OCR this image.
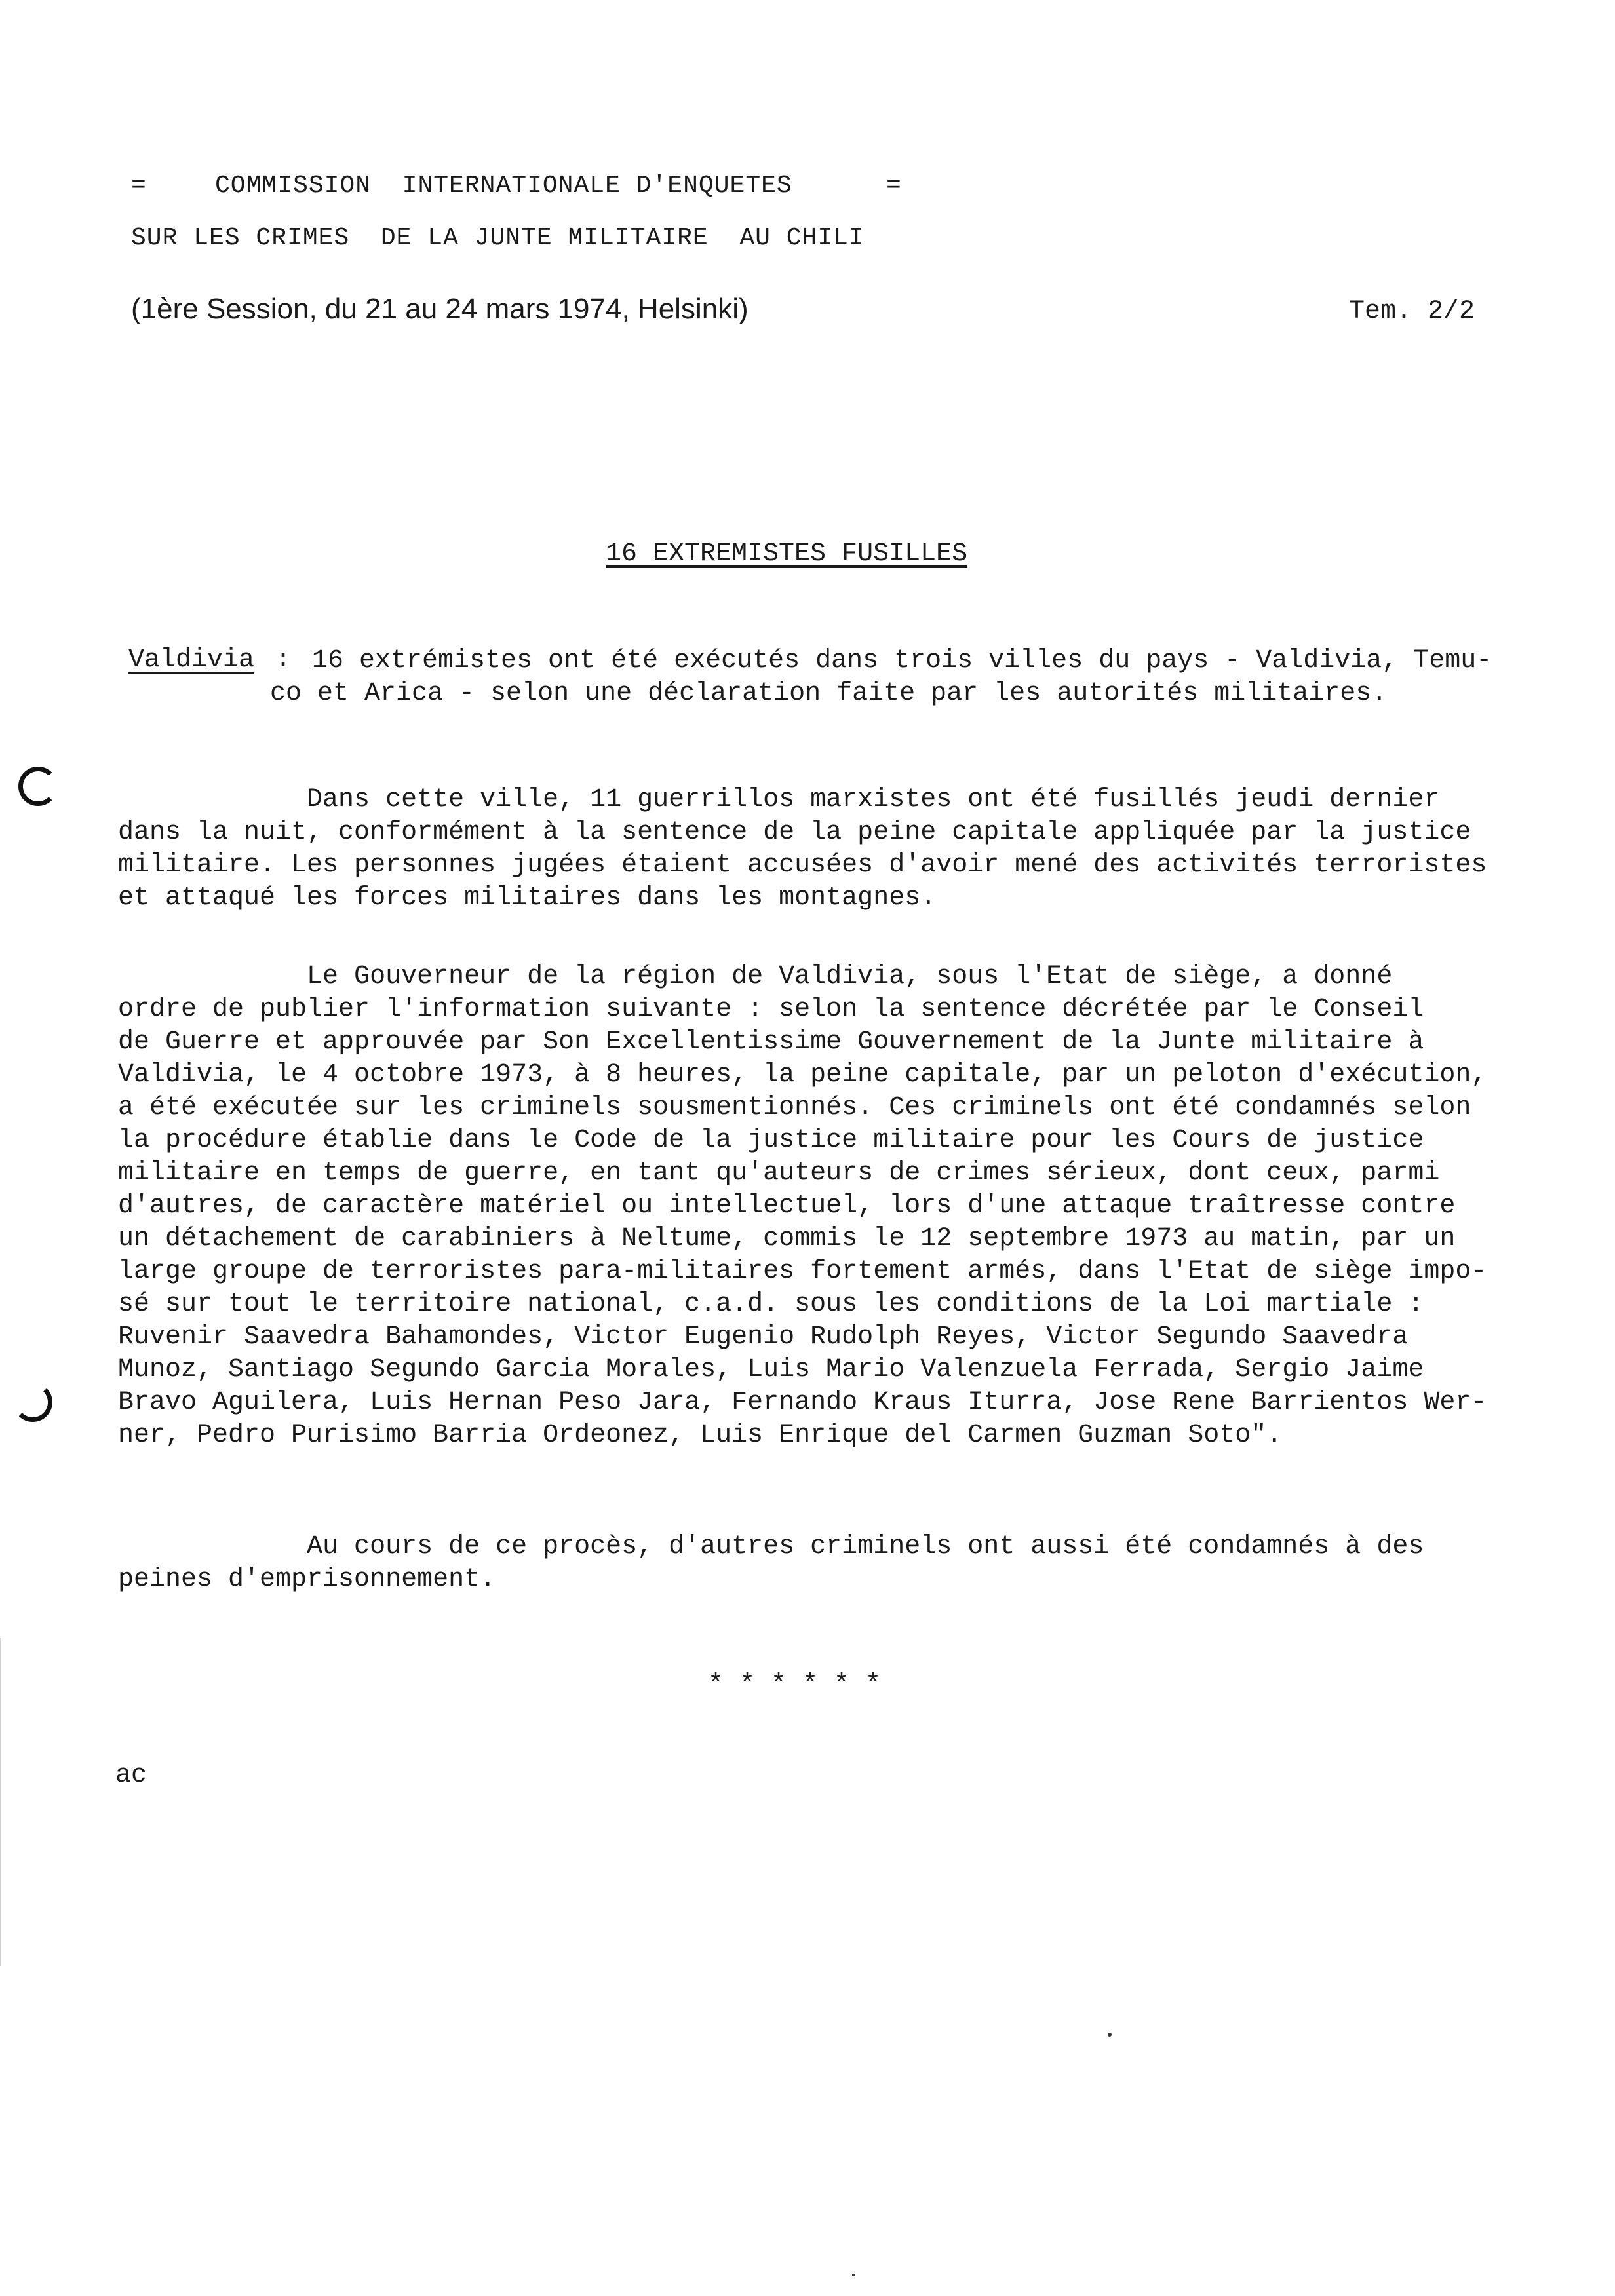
=	COMMISSION  INTERNATIONALE D'ENQUETES	=
SUR LES CRIMES  DE LA JUNTE MILITAIRE  AU CHILI
(1ère Session, du 21 au 24 mars 1974, Helsinki)	Tem. 2/2
16 EXTREMISTES FUSILLES
Valdivia : 16 extrémistes ont été exécutés dans trois villes du pays - Valdivia, Temu-
co et Arica - selon une déclaration faite par les autorités militaires.
Dans cette ville, 11 guerrillos marxistes ont été fusillés jeudi dernier
dans la nuit, conformément à la sentence de la peine capitale appliquée par la justice
militaire. Les personnes jugées étaient accusées d'avoir mené des activités terroristes
et attaqué les forces militaires dans les montagnes.
Le Gouverneur de la région de Valdivia, sous l'Etat de siège, a donné
ordre de publier l'information suivante : selon la sentence décrétée par le Conseil
de Guerre et approuvée par Son Excellentissime Gouvernement de la Junte militaire à
Valdivia, le 4 octobre 1973, à 8 heures, la peine capitale, par un peloton d'exécution,
a été exécutée sur les criminels sousmentionnés. Ces criminels ont été condamnés selon
la procédure établie dans le Code de la justice militaire pour les Cours de justice
militaire en temps de guerre, en tant qu'auteurs de crimes sérieux, dont ceux, parmi
d'autres, de caractère matériel ou intellectuel, lors d'une attaque traîtresse contre
un détachement de carabiniers à Neltume, commis le 12 septembre 1973 au matin, par un
large groupe de terroristes para-militaires fortement armés, dans l'Etat de siège impo-
sé sur tout le territoire national, c.a.d. sous les conditions de la Loi martiale :
Ruvenir Saavedra Bahamondes, Victor Eugenio Rudolph Reyes, Victor Segundo Saavedra
Munoz, Santiago Segundo Garcia Morales, Luis Mario Valenzuela Ferrada, Sergio Jaime
Bravo Aguilera, Luis Hernan Peso Jara, Fernando Kraus Iturra, Jose Rene Barrientos Wer-
ner, Pedro Purisimo Barria Ordeonez, Luis Enrique del Carmen Guzman Soto".
Au cours de ce procès, d'autres criminels ont aussi été condamnés à des
peines d'emprisonnement.
* * * * * *
ac
